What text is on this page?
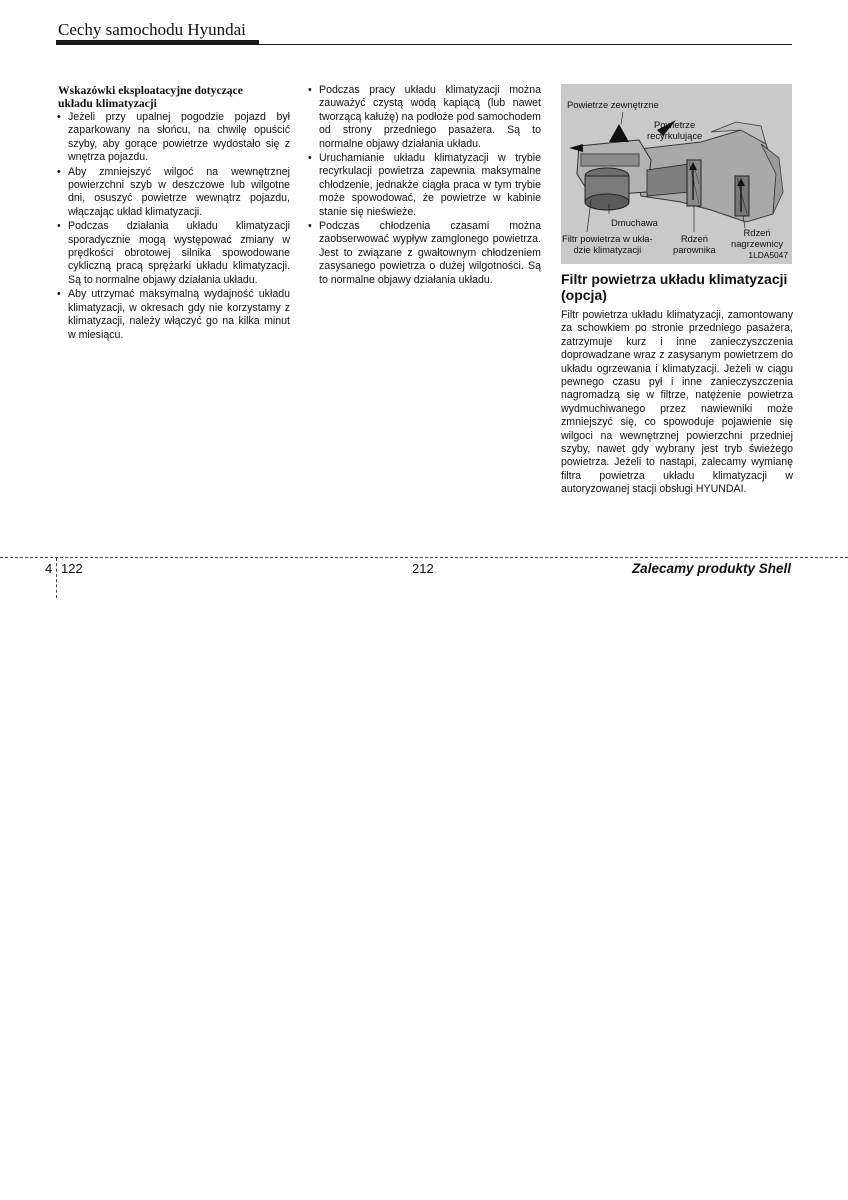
Cechy samochodu Hyundai
Wskazówki eksploatacyjne dotyczące
układu klimatyzacji
• Jeżeli przy upalnej pogodzie pojazd był zaparkowany na słońcu, na chwilę opuścić szyby, aby gorące powietrze wydostało się z wnętrza pojazdu.
• Aby zmniejszyć wilgoć na wewnętrznej powierzchni szyb w deszczowe lub wilgotne dni, osuszyć powietrze wewnątrz pojazdu, włączając układ klimatyzacji.
• Podczas działania układu klimatyzacji sporadycznie mogą występować zmiany w prędkości obrotowej silnika spowodowane cykliczną pracą sprężarki układu klimatyzacji. Są to normalne objawy działania układu.
• Aby utrzymać maksymalną wydajność układu klimatyzacji, w okresach gdy nie korzystamy z klimatyzacji, należy włączyć go na kilka minut w miesiącu.
• Podczas pracy układu klimatyzacji można zauważyć czystą wodą kapiącą (lub nawet tworzącą kałużę) na podłoże pod samochodem od strony przedniego pasażera. Są to normalne objawy działania układu.
• Uruchamianie układu klimatyzacji w trybie recyrkulacji powietrza zapewnia maksymalne chłodzenie, jednakże ciągła praca w tym trybie może spowodować, że powietrze w kabinie stanie się nieświeże.
• Podczas chłodzenia czasami można zaobserwować wypływ zamglonego powietrza. Jest to związane z gwałtownym chłodzeniem zasysanego powietrza o dużej wilgotności. Są to normalne objawy działania układu.
Powietrze zewnętrzne
Powietrze
recyrkulujące
Dmuchawa
Filtr powietrza w ukła-
dzie klimatyzacji
Rdzeń
parownika
Rdzeń
nagrzewnicy
1LDA5047
Filtr powietrza układu klimatyzacji
(opcja)
Filtr powietrza układu klimatyzacji, zamontowany za schowkiem po stronie przedniego pasażera, zatrzymuje kurz i inne zanieczyszczenia doprowadzane wraz z zasysanym powietrzem do układu ogrzewania i klimatyzacji. Jeżeli w ciągu pewnego czasu pył i inne zanieczyszczenia nagromadzą się w filtrze, natężenie powietrza wydmuchiwanego przez nawiewniki może zmniejszyć się, co spowoduje pojawienie się wilgoci na wewnętrznej powierzchni przedniej szyby, nawet gdy wybrany jest tryb świeżego powietrza. Jeżeli to nastąpi, zalecamy wymianę filtra powietrza układu klimatyzacji w autoryzowanej stacji obsługi HYUNDAI.
4 122	212	Zalecamy produkty Shell
